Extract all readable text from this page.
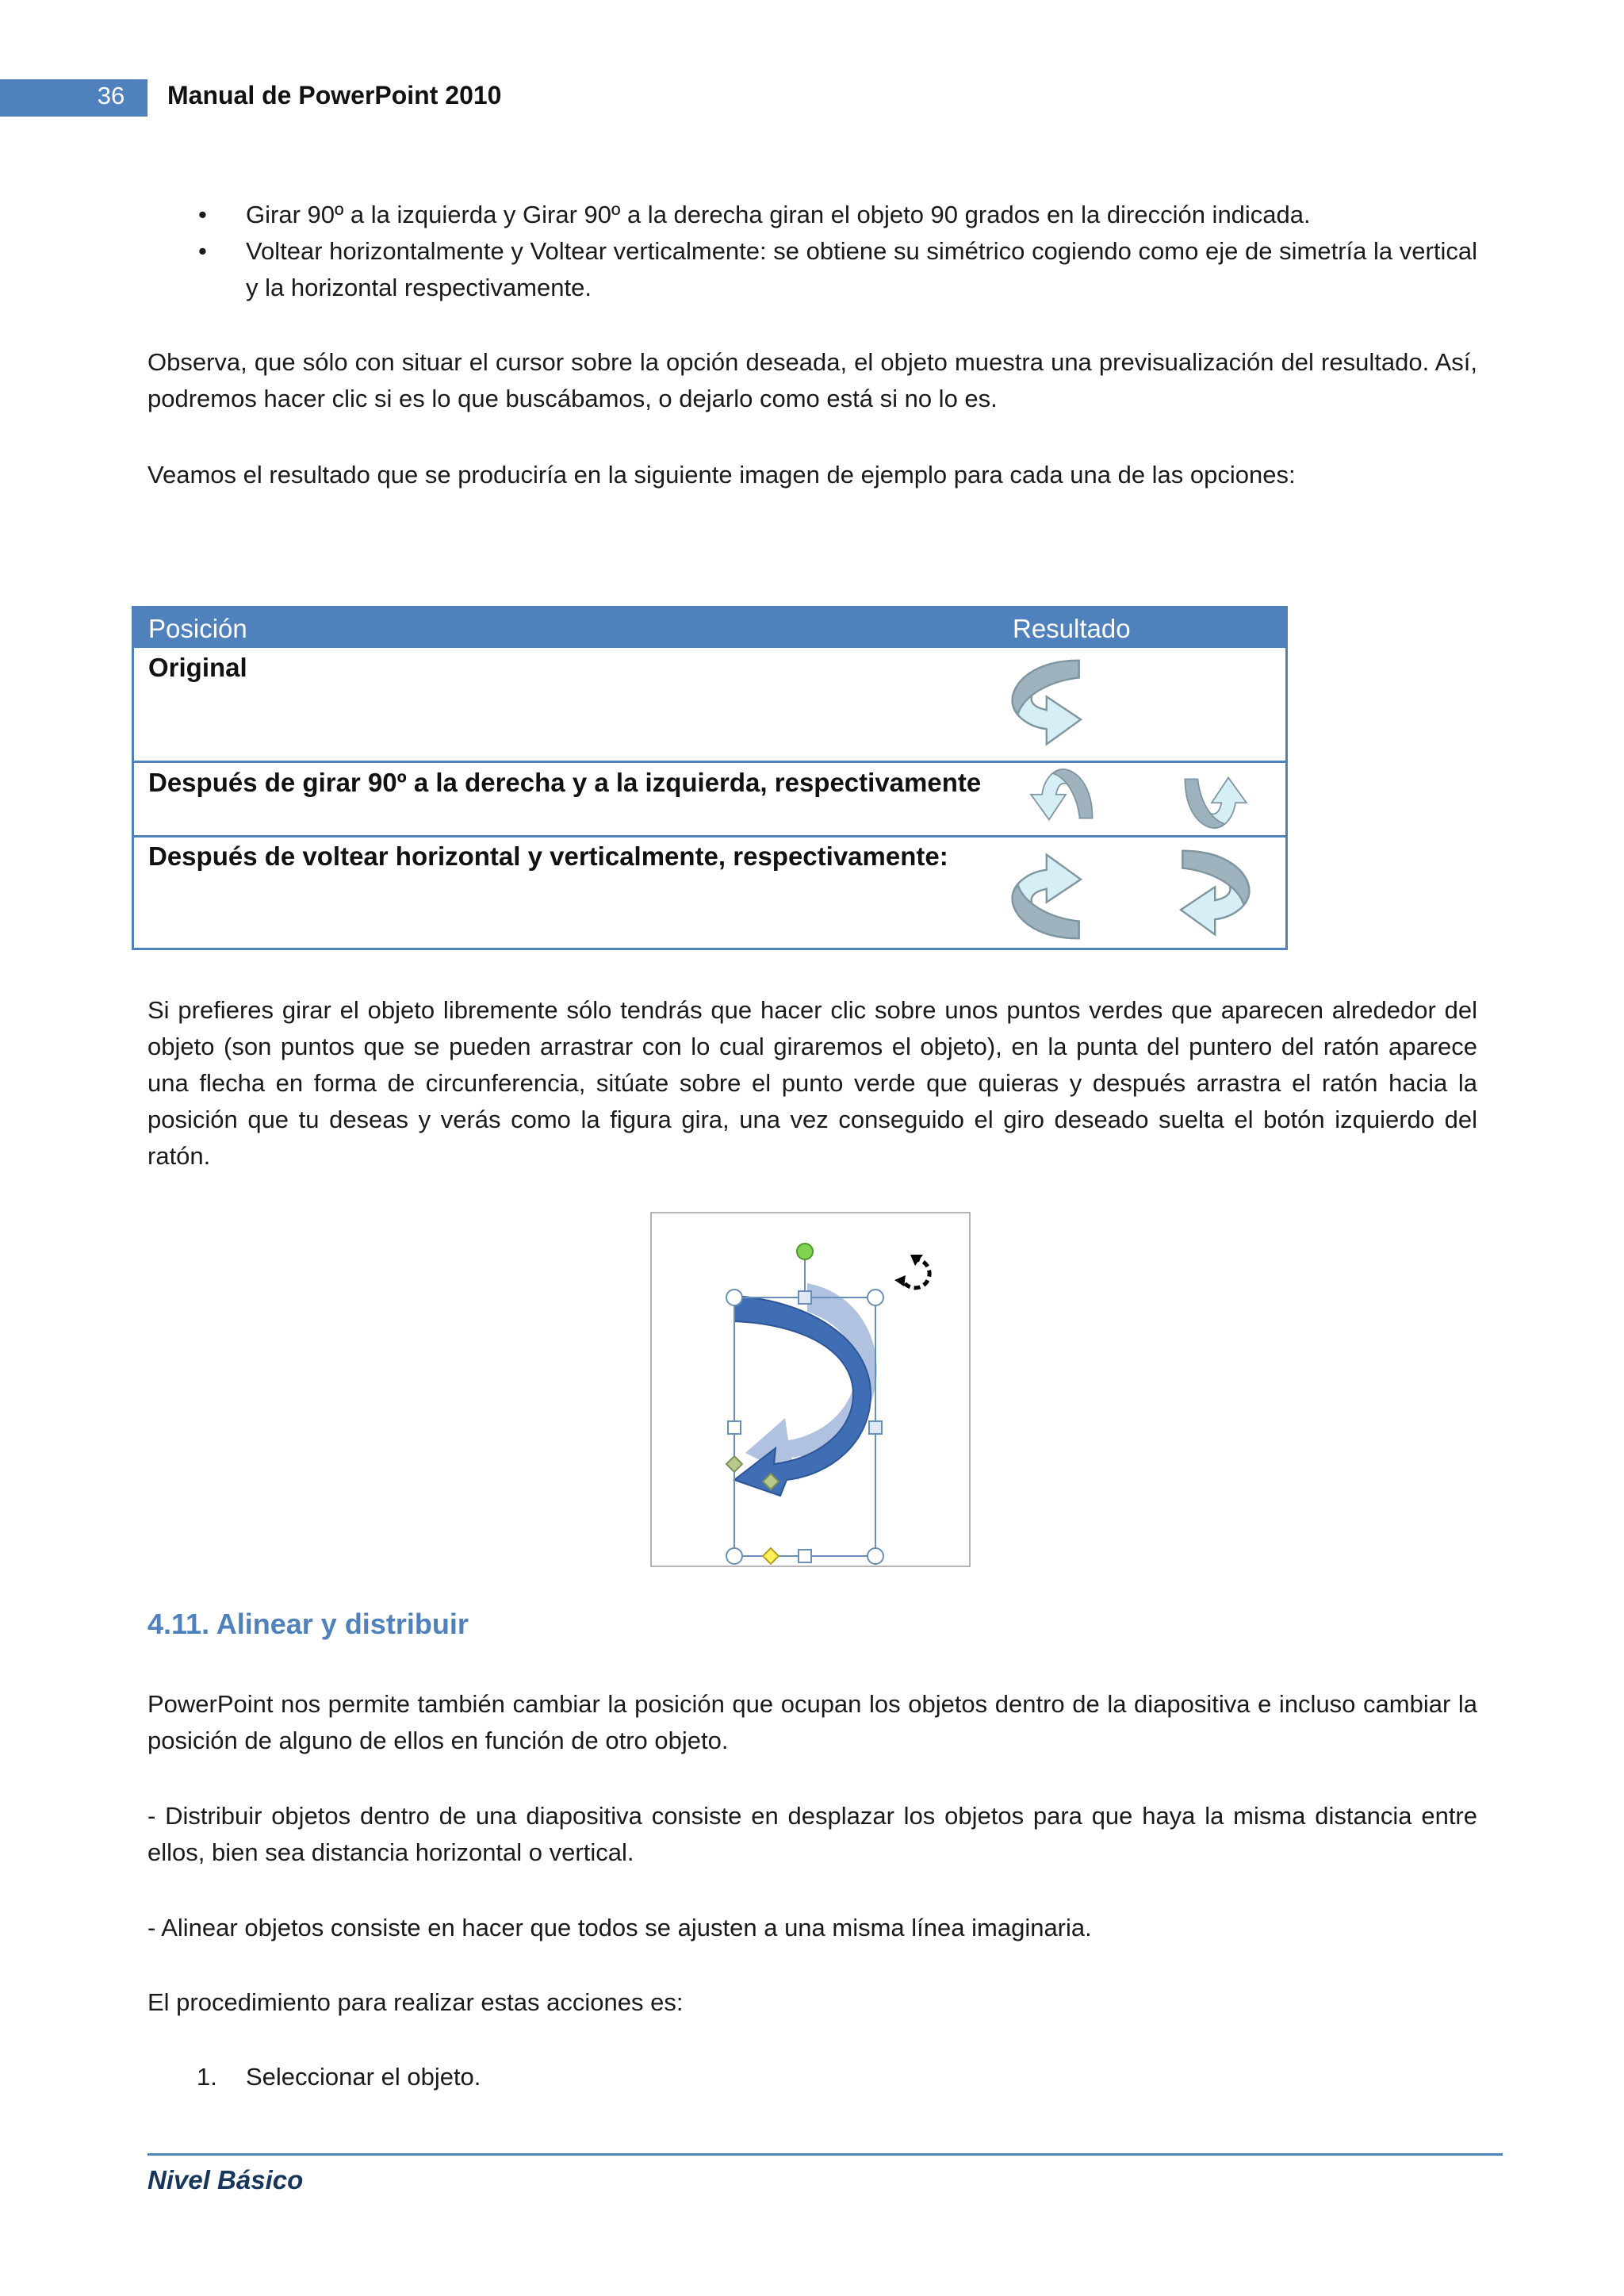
36	Manual de PowerPoint 2010
• Girar 90º a la izquierda y Girar 90º a la derecha giran el objeto 90 grados en la dirección indicada.
• Voltear horizontalmente y Voltear verticalmente: se obtiene su simétrico cogiendo como eje de simetría la vertical y la horizontal respectivamente.

Observa, que sólo con situar el cursor sobre la opción deseada, el objeto muestra una previsualización del resultado. Así, podremos hacer clic si es lo que buscábamos, o dejarlo como está si no lo es.

Veamos el resultado que se produciría en la siguiente imagen de ejemplo para cada una de las opciones:

Posición	Resultado
Original
Después de girar 90º a la derecha y a la izquierda, respectivamente
Después de voltear horizontal y verticalmente, respectivamente:

Si prefieres girar el objeto libremente sólo tendrás que hacer clic sobre unos puntos verdes que aparecen alrededor del objeto (son puntos que se pueden arrastrar con lo cual giraremos el objeto), en la punta del puntero del ratón aparece una flecha en forma de circunferencia, sitúate sobre el punto verde que quieras y después arrastra el ratón hacia la posición que tu deseas y verás como la figura gira, una vez conseguido el giro deseado suelta el botón izquierdo del ratón.

4.11. Alinear y distribuir

PowerPoint nos permite también cambiar la posición que ocupan los objetos dentro de la diapositiva e incluso cambiar la posición de alguno de ellos en función de otro objeto.

- Distribuir objetos dentro de una diapositiva consiste en desplazar los objetos para que haya la misma distancia entre ellos, bien sea distancia horizontal o vertical.

- Alinear objetos consiste en hacer que todos se ajusten a una misma línea imaginaria.

El procedimiento para realizar estas acciones es:

1. Seleccionar el objeto.
Nivel Básico
